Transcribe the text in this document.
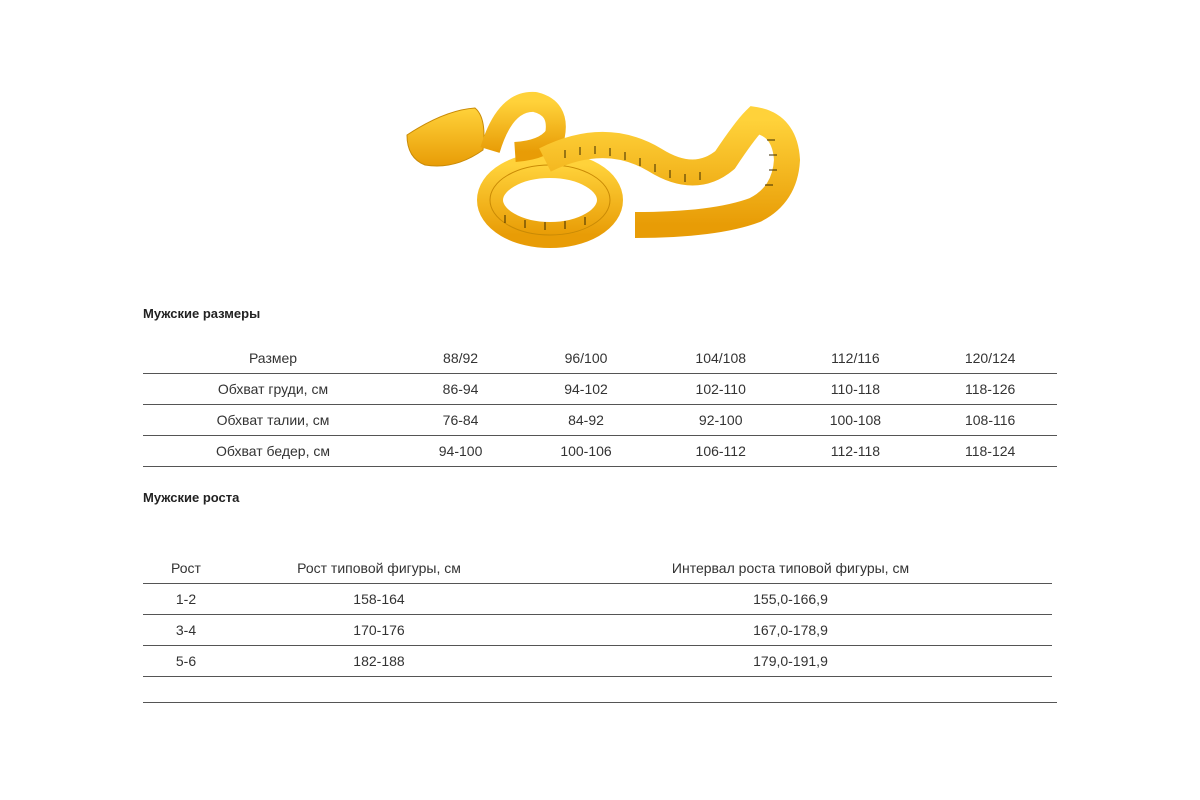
Мужские размеры
Размер	88/92	96/100	104/108	112/116	120/124
Обхват груди, см	86-94	94-102	102-110	110-118	118-126
Обхват талии, см	76-84	84-92	92-100	100-108	108-116
Обхват бедер, см	94-100	100-106	106-112	112-118	118-124
Мужские роста
Рост	Рост типовой фигуры, см	Интервал роста типовой фигуры, см
1-2	158-164	155,0-166,9
3-4	170-176	167,0-178,9
5-6	182-188	179,0-191,9
